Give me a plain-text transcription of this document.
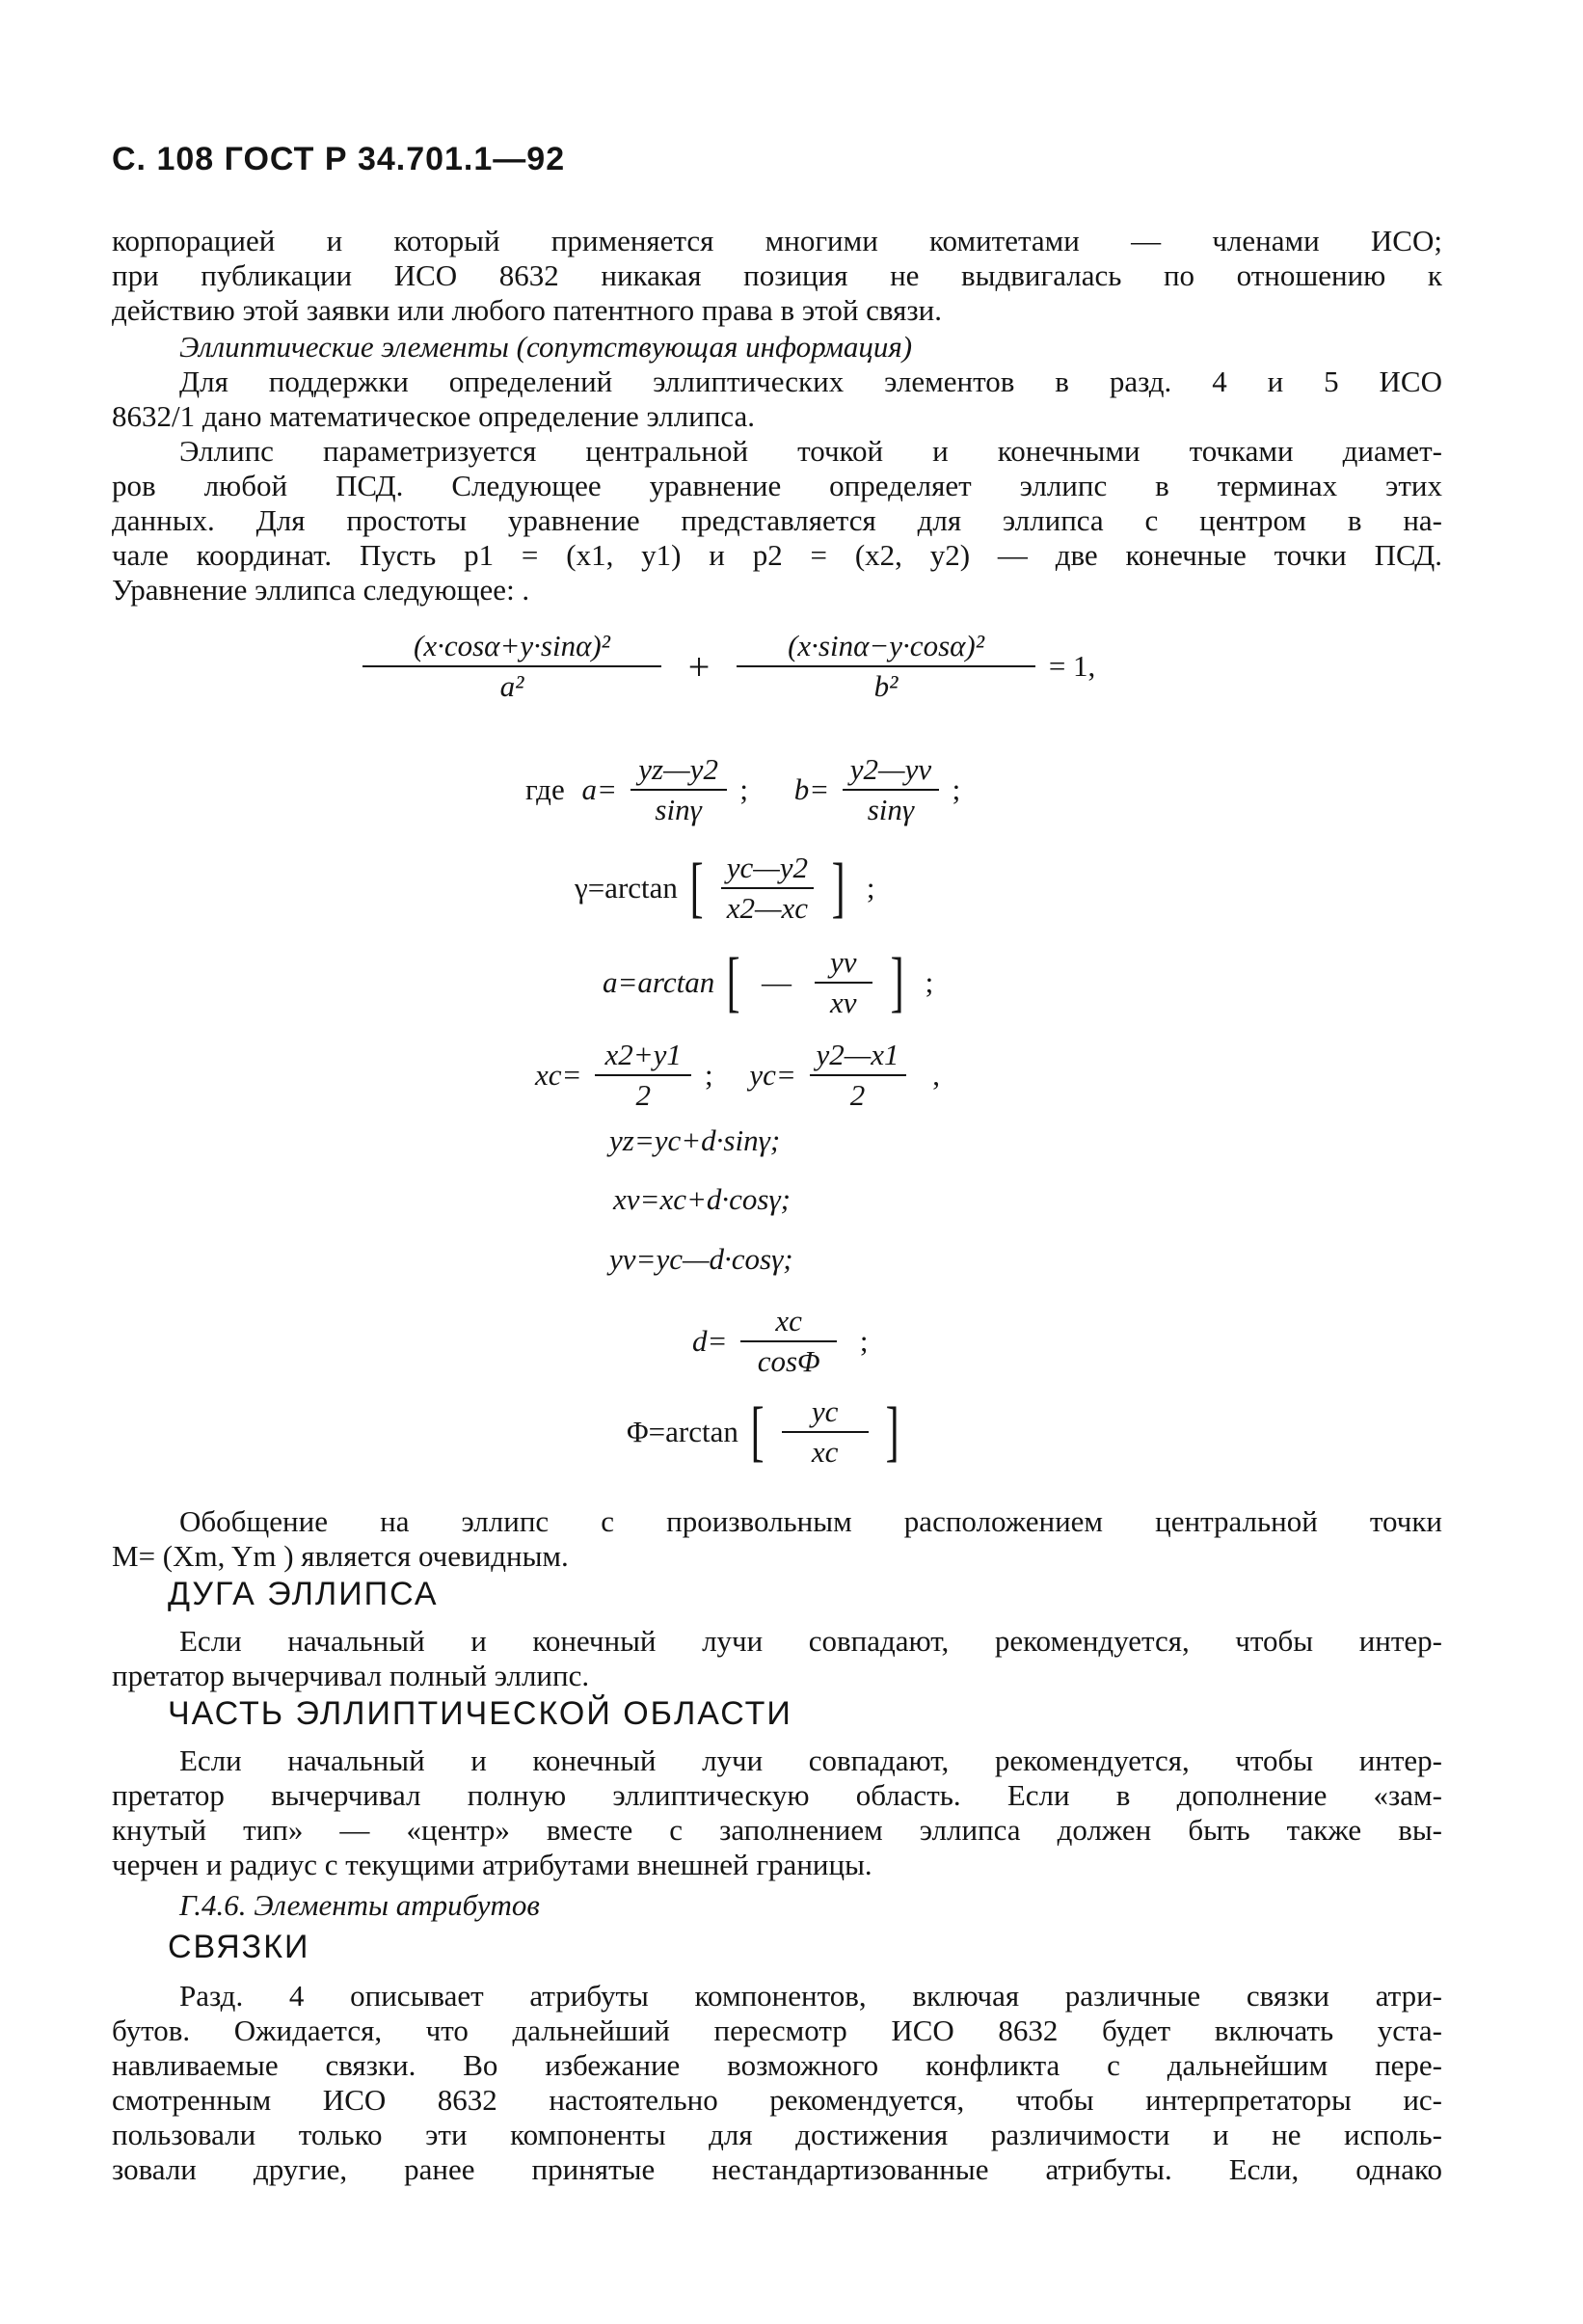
С. 108 ГОСТ Р 34.701.1—92
корпорацией и который применяется многими комитетами — членами ИСО;
при публикации ИСО 8632 никакая позиция не выдвигалась по отношению к
действию этой заявки или любого патентного права в этой связи.
Эллиптические элементы (сопутствующая информация)
Для поддержки определений эллиптических элементов в разд. 4 и 5 ИСО
8632/1 дано математическое определение эллипса.
Эллипс параметризуется центральной точкой и конечными точками диамет-
ров любой ПСД. Следующее уравнение определяет эллипс в терминах этих
данных. Для простоты уравнение представляется для эллипса с центром в на-
чале координат. Пусть p1 = (x1, y1) и p2 = (x2, y2) — две конечные точки ПСД.
Уравнение эллипса следующее: .
$\frac{\text{(x·cosα+y·sinα)²}}{\text{a²}} + \frac{\text{(x·sinα−y·cosα)²}}{\text{b²}} = 1$,
где $a= \frac{yz—y2}{\sin\gamma}$ ; $b= \frac{y2—yv}{\sin\gamma}$ ;
γ=arctan [ $\frac{yc—y2}{x2—xc}$ ] ;
a=arctan [ — $\frac{yv}{xv}$ ] ;
$xc= \frac{x2+y1}{2}$ ; $yc= \frac{y2—x1}{2}$ ,
yz=yc+d·sinγ;
xv=xc+d·cosγ;
yv=yc—d·cosγ;
$d= \frac{xc}{\cos\Phi}$ ;
Φ=arctan [ $\frac{yc}{xc}$ ]
Обобщение на эллипс с произвольным расположением центральной точки
M= (Xm, Ym ) является очевидным.
ДУГА ЭЛЛИПСА
Если начальный и конечный лучи совпадают, рекомендуется, чтобы интер-
претатор вычерчивал полный эллипс.
ЧАСТЬ ЭЛЛИПТИЧЕСКОЙ ОБЛАСТИ
Если начальный и конечный лучи совпадают, рекомендуется, чтобы интер-
претатор вычерчивал полную эллиптическую область. Если в дополнение «зам-
кнутый тип» — «центр» вместе с заполнением эллипса должен быть также вы-
черчен и радиус с текущими атрибутами внешней границы.
Г.4.6. Элементы атрибутов
СВЯЗКИ
Разд. 4 описывает атрибуты компонентов, включая различные связки атри-
бутов. Ожидается, что дальнейший пересмотр ИСО 8632 будет включать уста-
навливаемые связки. Во избежание возможного конфликта с дальнейшим пере-
смотренным ИСО 8632 настоятельно рекомендуется, чтобы интерпретаторы ис-
пользовали только эти компоненты для достижения различимости и не исполь-
зовали другие, ранее принятые нестандартизованные атрибуты. Если, однако
